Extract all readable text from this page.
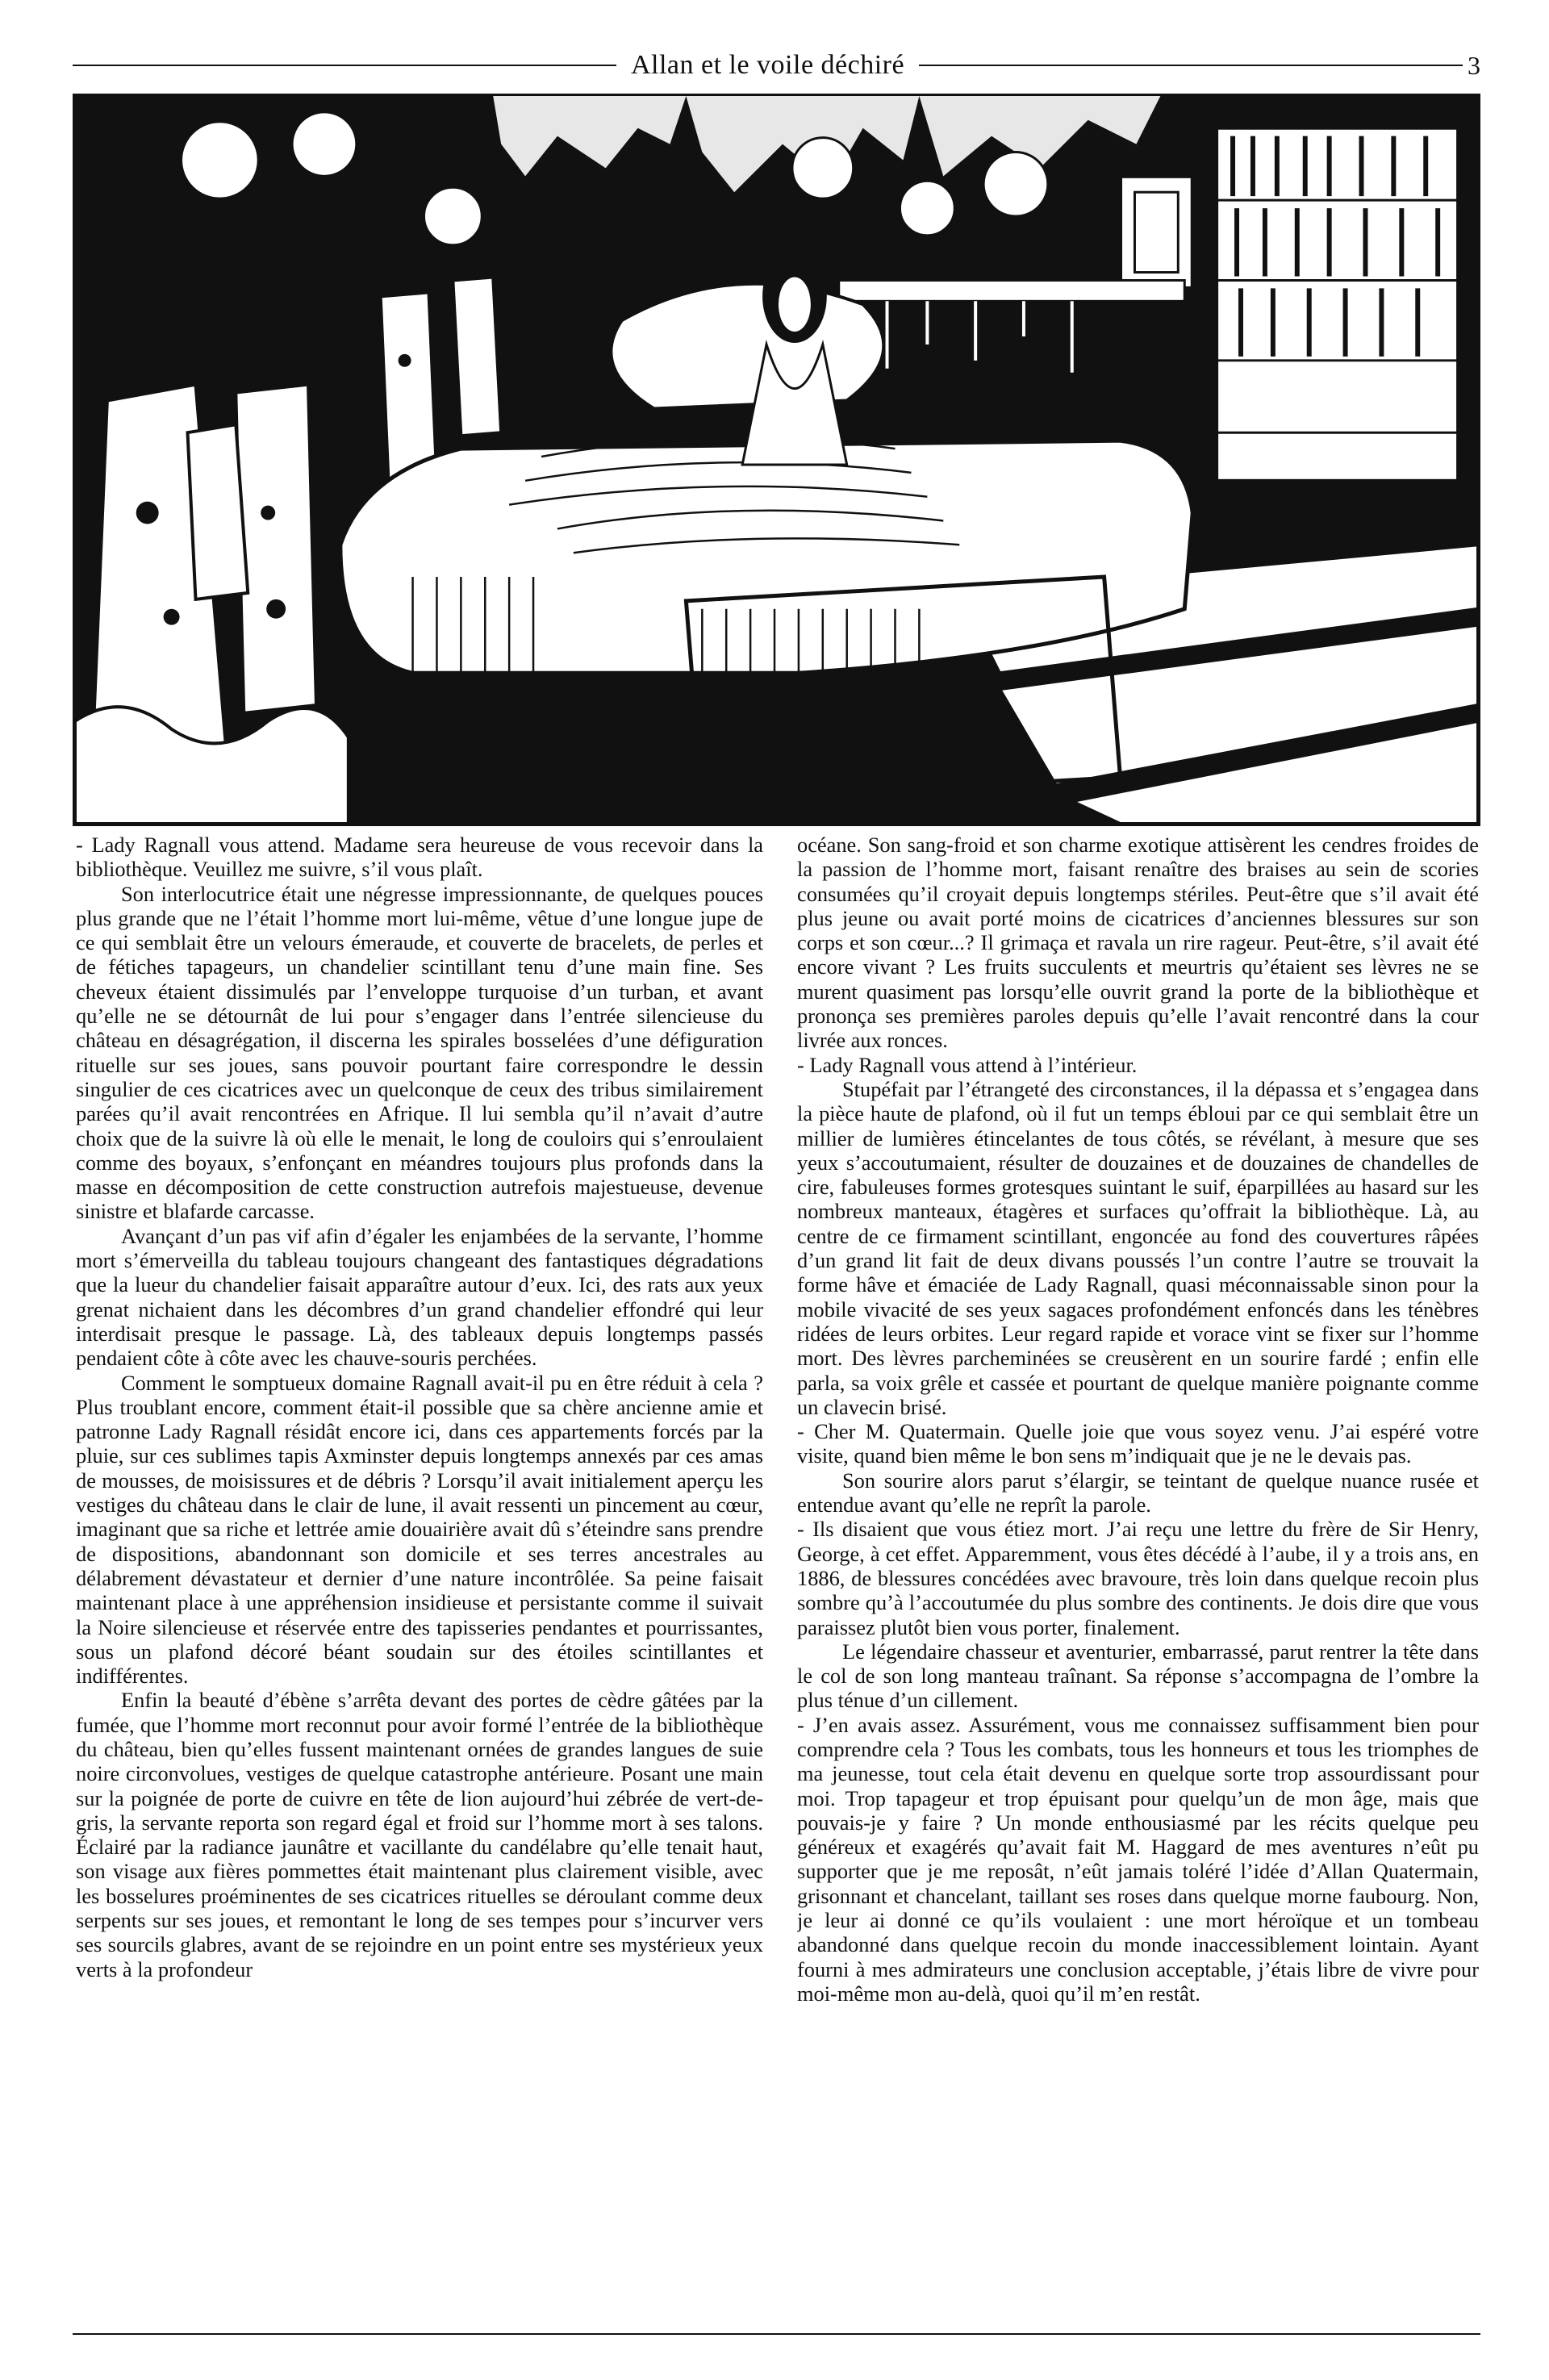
Allan et le voile déchiré	3

- Lady Ragnall vous attend. Madame sera heureuse de vous recevoir dans la bibliothèque. Veuillez me suivre, s’il vous plaît.

Son interlocutrice était une négresse impressionnante, de quelques pouces plus grande que ne l’était l’homme mort lui-même, vêtue d’une longue jupe de ce qui semblait être un velours émeraude, et couverte de bracelets, de perles et de fétiches tapageurs, un chandelier scintillant tenu d’une main fine. Ses cheveux étaient dissimulés par l’enveloppe turquoise d’un turban, et avant qu’elle ne se détournât de lui pour s’engager dans l’entrée silencieuse du château en désagrégation, il discerna les spirales bosselées d’une défiguration rituelle sur ses joues, sans pouvoir pourtant faire correspondre le dessin singulier de ces cicatrices avec un quelconque de ceux des tribus similairement parées qu’il avait rencontrées en Afrique. Il lui sembla qu’il n’avait d’autre choix que de la suivre là où elle le menait, le long de couloirs qui s’enroulaient comme des boyaux, s’enfonçant en méandres toujours plus profonds dans la masse en décomposition de cette construction autrefois majestueuse, devenue sinistre et blafarde carcasse.

Avançant d’un pas vif afin d’égaler les enjambées de la servante, l’homme mort s’émerveilla du tableau toujours changeant des fantastiques dégradations que la lueur du chandelier faisait apparaître autour d’eux. Ici, des rats aux yeux grenat nichaient dans les décombres d’un grand chandelier effondré qui leur interdisait presque le passage. Là, des tableaux depuis longtemps passés pendaient côte à côte avec les chauve-souris perchées.

Comment le somptueux domaine Ragnall avait-il pu en être réduit à cela ? Plus troublant encore, comment était-il possible que sa chère ancienne amie et patronne Lady Ragnall résidât encore ici, dans ces appartements forcés par la pluie, sur ces sublimes tapis Axminster depuis longtemps annexés par ces amas de mousses, de moisissures et de débris ? Lorsqu’il avait initialement aperçu les vestiges du château dans le clair de lune, il avait ressenti un pincement au cœur, imaginant que sa riche et lettrée amie douairière avait dû s’éteindre sans prendre de dispositions, abandonnant son domicile et ses terres ancestrales au délabrement dévastateur et dernier d’une nature incontrôlée. Sa peine faisait maintenant place à une appréhension insidieuse et persistante comme il suivait la Noire silencieuse et réservée entre des tapisseries pendantes et pourrissantes, sous un plafond décoré béant soudain sur des étoiles scintillantes et indifférentes.

Enfin la beauté d’ébène s’arrêta devant des portes de cèdre gâtées par la fumée, que l’homme mort reconnut pour avoir formé l’entrée de la bibliothèque du château, bien qu’elles fussent maintenant ornées de grandes langues de suie noire circonvolues, vestiges de quelque catastrophe antérieure. Posant une main sur la poignée de porte de cuivre en tête de lion aujourd’hui zébrée de vert-de-gris, la servante reporta son regard égal et froid sur l’homme mort à ses talons. Éclairé par la radiance jaunâtre et vacillante du candélabre qu’elle tenait haut, son visage aux fières pommettes était maintenant plus clairement visible, avec les bosselures proéminentes de ses cicatrices rituelles se déroulant comme deux serpents sur ses joues, et remontant le long de ses tempes pour s’incurver vers ses sourcils glabres, avant de se rejoindre en un point entre ses mystérieux yeux verts à la profondeur

océane. Son sang-froid et son charme exotique attisèrent les cendres froides de la passion de l’homme mort, faisant renaître des braises au sein de scories consumées qu’il croyait depuis longtemps stériles. Peut-être que s’il avait été plus jeune ou avait porté moins de cicatrices d’anciennes blessures sur son corps et son cœur...? Il grimaça et ravala un rire rageur. Peut-être, s’il avait été encore vivant ? Les fruits succulents et meurtris qu’étaient ses lèvres ne se murent quasiment pas lorsqu’elle ouvrit grand la porte de la bibliothèque et prononça ses premières paroles depuis qu’elle l’avait rencontré dans la cour livrée aux ronces.

- Lady Ragnall vous attend à l’intérieur.

Stupéfait par l’étrangeté des circonstances, il la dépassa et s’engagea dans la pièce haute de plafond, où il fut un temps ébloui par ce qui semblait être un millier de lumières étincelantes de tous côtés, se révélant, à mesure que ses yeux s’accoutumaient, résulter de douzaines et de douzaines de chandelles de cire, fabuleuses formes grotesques suintant le suif, éparpillées au hasard sur les nombreux manteaux, étagères et surfaces qu’offrait la bibliothèque. Là, au centre de ce firmament scintillant, engoncée au fond des couvertures râpées d’un grand lit fait de deux divans poussés l’un contre l’autre se trouvait la forme hâve et émaciée de Lady Ragnall, quasi méconnaissable sinon pour la mobile vivacité de ses yeux sagaces profondément enfoncés dans les ténèbres ridées de leurs orbites. Leur regard rapide et vorace vint se fixer sur l’homme mort. Des lèvres parcheminées se creusèrent en un sourire fardé ; enfin elle parla, sa voix grêle et cassée et pourtant de quelque manière poignante comme un clavecin brisé.

- Cher M. Quatermain. Quelle joie que vous soyez venu. J’ai espéré votre visite, quand bien même le bon sens m’indiquait que je ne le devais pas.

Son sourire alors parut s’élargir, se teintant de quelque nuance rusée et entendue avant qu’elle ne reprît la parole.

- Ils disaient que vous étiez mort. J’ai reçu une lettre du frère de Sir Henry, George, à cet effet. Apparemment, vous êtes décédé à l’aube, il y a trois ans, en 1886, de blessures concédées avec bravoure, très loin dans quelque recoin plus sombre qu’à l’accoutumée du plus sombre des continents. Je dois dire que vous paraissez plutôt bien vous porter, finalement.

Le légendaire chasseur et aventurier, embarrassé, parut rentrer la tête dans le col de son long manteau traînant. Sa réponse s’accompagna de l’ombre la plus ténue d’un cillement.

- J’en avais assez. Assurément, vous me connaissez suffisamment bien pour comprendre cela ? Tous les combats, tous les honneurs et tous les triomphes de ma jeunesse, tout cela était devenu en quelque sorte trop assourdissant pour moi. Trop tapageur et trop épuisant pour quelqu’un de mon âge, mais que pouvais-je y faire ? Un monde enthousiasmé par les récits quelque peu généreux et exagérés qu’avait fait M. Haggard de mes aventures n’eût pu supporter que je me reposât, n’eût jamais toléré l’idée d’Allan Quatermain, grisonnant et chancelant, taillant ses roses dans quelque morne faubourg. Non, je leur ai donné ce qu’ils voulaient : une mort héroïque et un tombeau abandonné dans quelque recoin du monde inaccessiblement lointain. Ayant fourni à mes admirateurs une conclusion acceptable, j’étais libre de vivre pour moi-même mon au-delà, quoi qu’il m’en restât.
